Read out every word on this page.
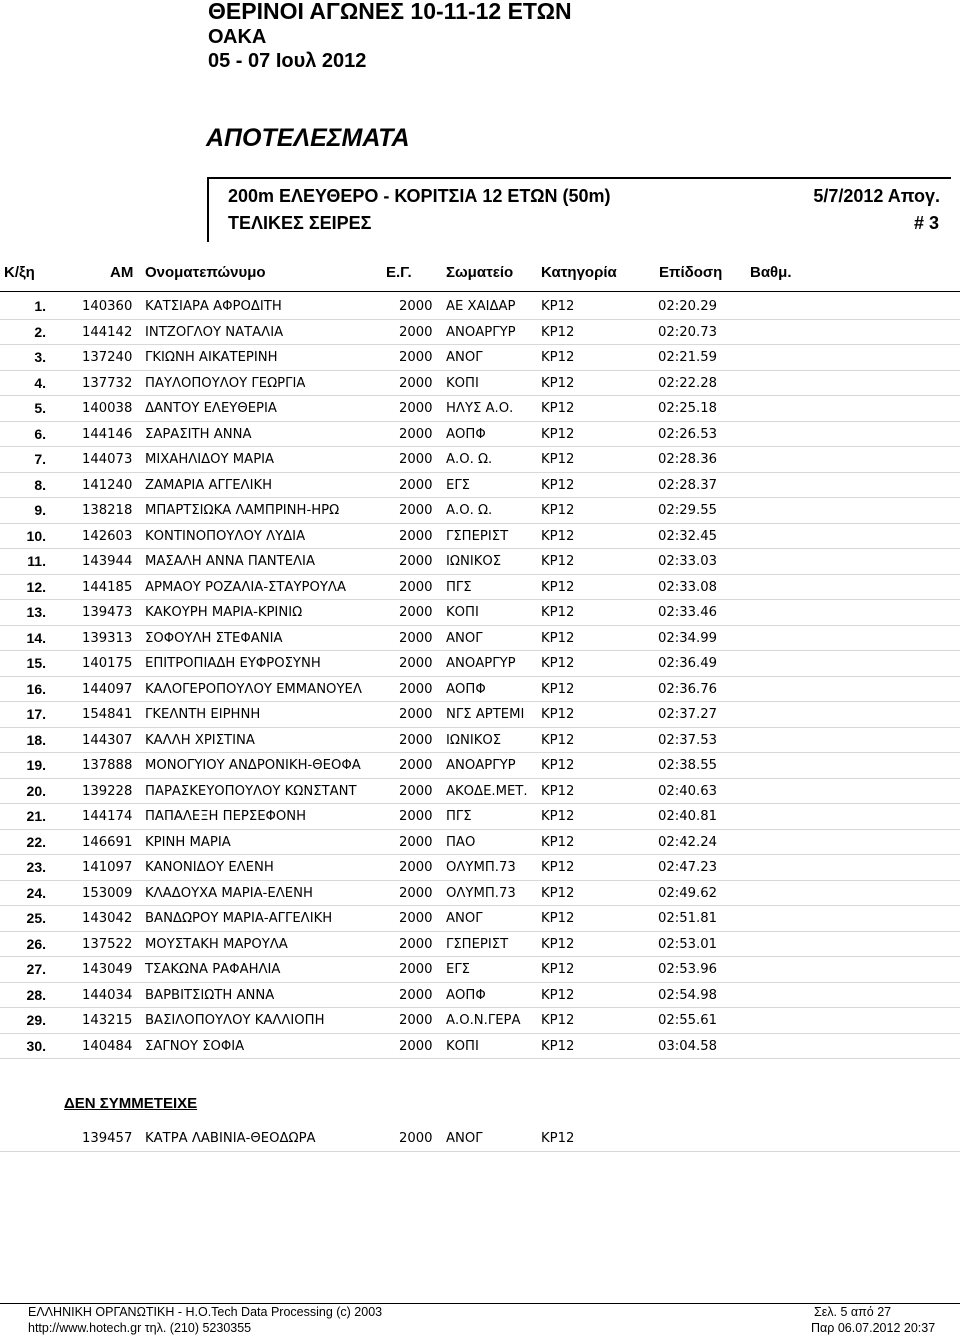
ΘΕΡΙΝΟΙ ΑΓΩΝΕΣ 10-11-12 ΕΤΩΝ
ΟΑΚΑ
05 - 07 Ιουλ 2012
ΑΠΟΤΕΛΕΣΜΑΤΑ
200m ΕΛΕΥΘΕΡΟ - ΚΟΡΙΤΣΙΑ 12 ΕΤΩΝ (50m)	5/7/2012 Απογ.
ΤΕΛΙΚΕΣ ΣΕΙΡΕΣ	# 3
Κ/ξη	ΑΜ Ονοματεπώνυμο	Ε.Γ. Σωματείο Κατηγορία	Επίδοση Βαθμ.
1.	140360 ΚΑΤΣΙΑΡΑ ΑΦΡΟΔΙΤΗ	2000 ΑΕ ΧΑΙΔΑΡ ΚΡ12	02:20.29
2.	144142 ΙΝΤΖΟΓΛΟΥ ΝΑΤΑΛΙΑ	2000 ΑΝΟΑΡΓΥΡ ΚΡ12	02:20.73
3.	137240 ΓΚΙΩΝΗ ΑΙΚΑΤΕΡΙΝΗ	2000 ΑΝΟΓ	ΚΡ12	02:21.59
4.	137732 ΠΑΥΛΟΠΟΥΛΟΥ ΓΕΩΡΓΙΑ	2000 ΚΟΠΙ	ΚΡ12	02:22.28
5.	140038 ΔΑΝΤΟΥ ΕΛΕΥΘΕΡΙΑ	2000 ΗΛΥΣ Α.Ο. ΚΡ12	02:25.18
6.	144146 ΣΑΡΑΣΙΤΗ ΑΝΝΑ	2000 ΑΟΠΦ	ΚΡ12	02:26.53
7.	144073 ΜΙΧΑΗΛΙΔΟΥ ΜΑΡΙΑ	2000 Α.Ο. Ω.	ΚΡ12	02:28.36
8.	141240 ΖΑΜΑΡΙΑ ΑΓΓΕΛΙΚΗ	2000 ΕΓΣ	ΚΡ12	02:28.37
9.	138218 ΜΠΑΡΤΣΙΩΚΑ ΛΑΜΠΡΙΝΗ-ΗΡΩ	2000 Α.Ο. Ω.	ΚΡ12	02:29.55
10.	142603 ΚΟΝΤΙΝΟΠΟΥΛΟΥ ΛΥΔΙΑ	2000 ΓΣΠΕΡΙΣΤ ΚΡ12	02:32.45
11.	143944 ΜΑΣΑΛΗ ΑΝΝΑ ΠΑΝΤΕΛΙΑ	2000 ΙΩΝΙΚΟΣ	ΚΡ12	02:33.03
12.	144185 ΑΡΜΑΟΥ ΡΟΖΑΛΙΑ-ΣΤΑΥΡΟΥΛΑ	2000 ΠΓΣ	ΚΡ12	02:33.08
13.	139473 ΚΑΚΟΥΡΗ ΜΑΡΙΑ-ΚΡΙΝΙΩ	2000 ΚΟΠΙ	ΚΡ12	02:33.46
14.	139313 ΣΟΦΟΥΛΗ ΣΤΕΦΑΝΙΑ	2000 ΑΝΟΓ	ΚΡ12	02:34.99
15.	140175 ΕΠΙΤΡΟΠΙΑΔΗ ΕΥΦΡΟΣΥΝΗ	2000 ΑΝΟΑΡΓΥΡ ΚΡ12	02:36.49
16.	144097 ΚΑΛΟΓΕΡΟΠΟΥΛΟΥ ΕΜΜΑΝΟΥΕΛ	2000 ΑΟΠΦ	ΚΡ12	02:36.76
17.	154841 ΓΚΕΛΝΤΗ ΕΙΡΗΝΗ	2000 ΝΓΣ ΑΡΤΕΜΙ ΚΡ12	02:37.27
18.	144307 ΚΑΛΛΗ ΧΡΙΣΤΙΝΑ	2000 ΙΩΝΙΚΟΣ	ΚΡ12	02:37.53
19.	137888 ΜΟΝΟΓΥΙΟΥ ΑΝΔΡΟΝΙΚΗ-ΘΕΟΦΑ	2000 ΑΝΟΑΡΓΥΡ ΚΡ12	02:38.55
20.	139228 ΠΑΡΑΣΚΕΥΟΠΟΥΛΟΥ ΚΩΝΣΤΑΝΤ	2000 ΑΚΟΔΕ.ΜΕΤ. ΚΡ12	02:40.63
21.	144174 ΠΑΠΑΛΕΞΗ ΠΕΡΣΕΦΟΝΗ	2000 ΠΓΣ	ΚΡ12	02:40.81
22.	146691 ΚΡΙΝΗ ΜΑΡΙΑ	2000 ΠΑΟ	ΚΡ12	02:42.24
23.	141097 ΚΑΝΟΝΙΔΟΥ ΕΛΕΝΗ	2000 ΟΛΥΜΠ.73 ΚΡ12	02:47.23
24.	153009 ΚΛΑΔΟΥΧΑ ΜΑΡΙΑ-ΕΛΕΝΗ	2000 ΟΛΥΜΠ.73 ΚΡ12	02:49.62
25.	143042 ΒΑΝΔΩΡΟΥ ΜΑΡΙΑ-ΑΓΓΕΛΙΚΗ	2000 ΑΝΟΓ	ΚΡ12	02:51.81
26.	137522 ΜΟΥΣΤΑΚΗ ΜΑΡΟΥΛΑ	2000 ΓΣΠΕΡΙΣΤ ΚΡ12	02:53.01
27.	143049 ΤΣΑΚΩΝΑ ΡΑΦΑΗΛΙΑ	2000 ΕΓΣ	ΚΡ12	02:53.96
28.	144034 ΒΑΡΒΙΤΣΙΩΤΗ ΑΝΝΑ	2000 ΑΟΠΦ	ΚΡ12	02:54.98
29.	143215 ΒΑΣΙΛΟΠΟΥΛΟΥ ΚΑΛΛΙΟΠΗ	2000 Α.Ο.Ν.ΓΕΡΑ ΚΡ12	02:55.61
30.	140484 ΣΑΓΝΟΥ ΣΟΦΙΑ	2000 ΚΟΠΙ	ΚΡ12	03:04.58
ΔΕΝ ΣΥΜΜΕΤΕΙΧΕ
139457 ΚΑΤΡΑ ΛΑΒΙΝΙΑ-ΘΕΟΔΩΡΑ	2000 ΑΝΟΓ	ΚΡ12
ΕΛΛΗΝΙΚΗ ΟΡΓΑΝΩΤΙΚΗ - Η.Ο.Tech Data Processing (c) 2003
http://www.hotech.gr τηλ. (210) 5230355
Σελ. 5 από 27
Παρ 06.07.2012 20:37
